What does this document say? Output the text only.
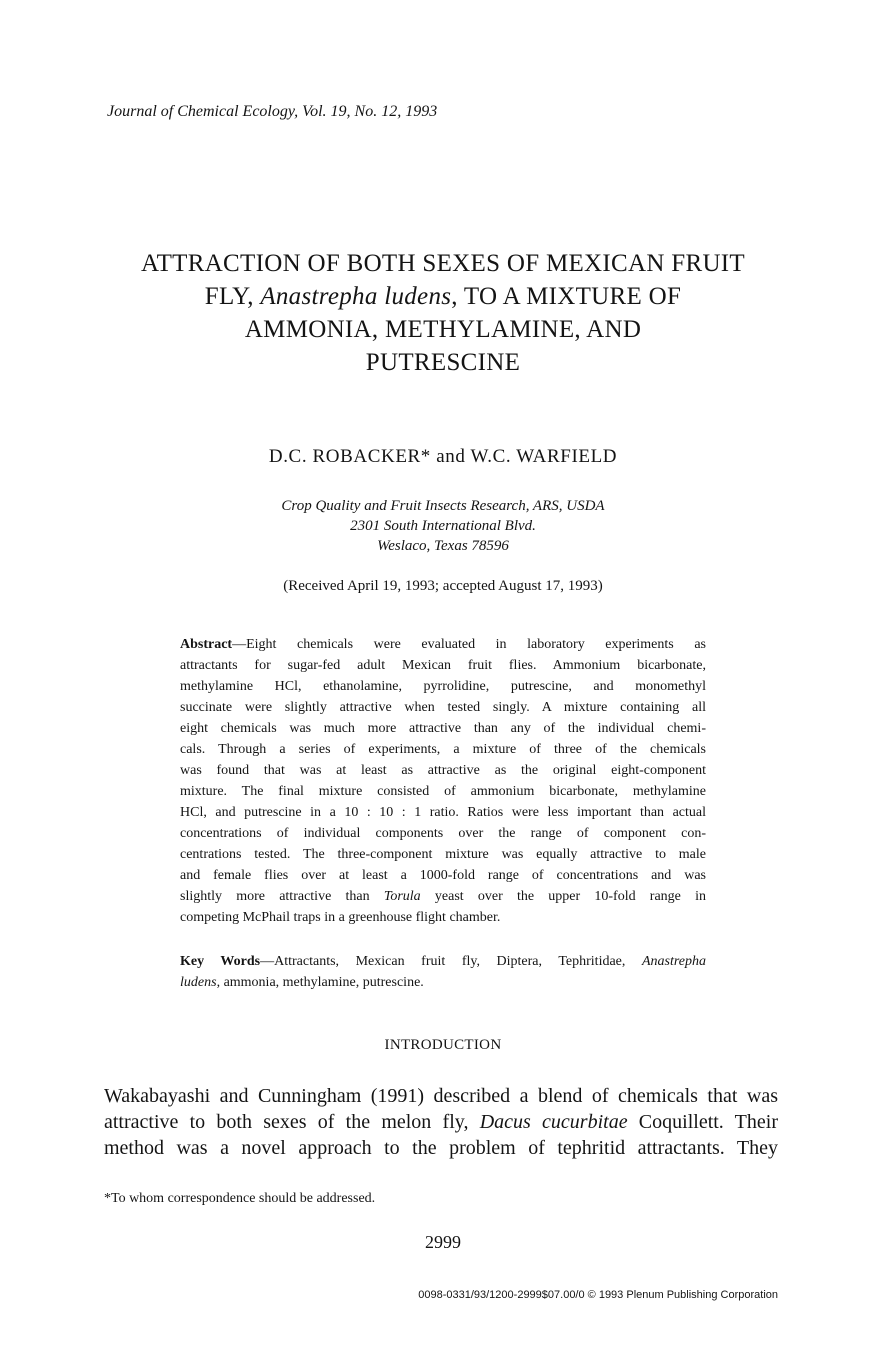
Journal of Chemical Ecology, Vol. 19, No. 12, 1993
ATTRACTION OF BOTH SEXES OF MEXICAN FRUIT
FLY, Anastrepha ludens, TO A MIXTURE OF
AMMONIA, METHYLAMINE, AND
PUTRESCINE
D.C. ROBACKER* and W.C. WARFIELD
Crop Quality and Fruit Insects Research, ARS, USDA
2301 South International Blvd.
Weslaco, Texas 78596
(Received April 19, 1993; accepted August 17, 1993)
Abstract—Eight chemicals were evaluated in laboratory experiments as
attractants for sugar-fed adult Mexican fruit flies. Ammonium bicarbonate,
methylamine HCl, ethanolamine, pyrrolidine, putrescine, and monomethyl
succinate were slightly attractive when tested singly. A mixture containing all
eight chemicals was much more attractive than any of the individual chemi-
cals. Through a series of experiments, a mixture of three of the chemicals
was found that was at least as attractive as the original eight-component
mixture. The final mixture consisted of ammonium bicarbonate, methylamine
HCl, and putrescine in a 10 : 10 : 1 ratio. Ratios were less important than actual
concentrations of individual components over the range of component con-
centrations tested. The three-component mixture was equally attractive to male
and female flies over at least a 1000-fold range of concentrations and was
slightly more attractive than Torula yeast over the upper 10-fold range in
competing McPhail traps in a greenhouse flight chamber.
Key Words—Attractants, Mexican fruit fly, Diptera, Tephritidae, Anastrepha
ludens, ammonia, methylamine, putrescine.
INTRODUCTION
Wakabayashi and Cunningham (1991) described a blend of chemicals that was
attractive to both sexes of the melon fly, Dacus cucurbitae Coquillett. Their
method was a novel approach to the problem of tephritid attractants. They
*To whom correspondence should be addressed.
2999
0098-0331/93/1200-2999$07.00/0 © 1993 Plenum Publishing Corporation
